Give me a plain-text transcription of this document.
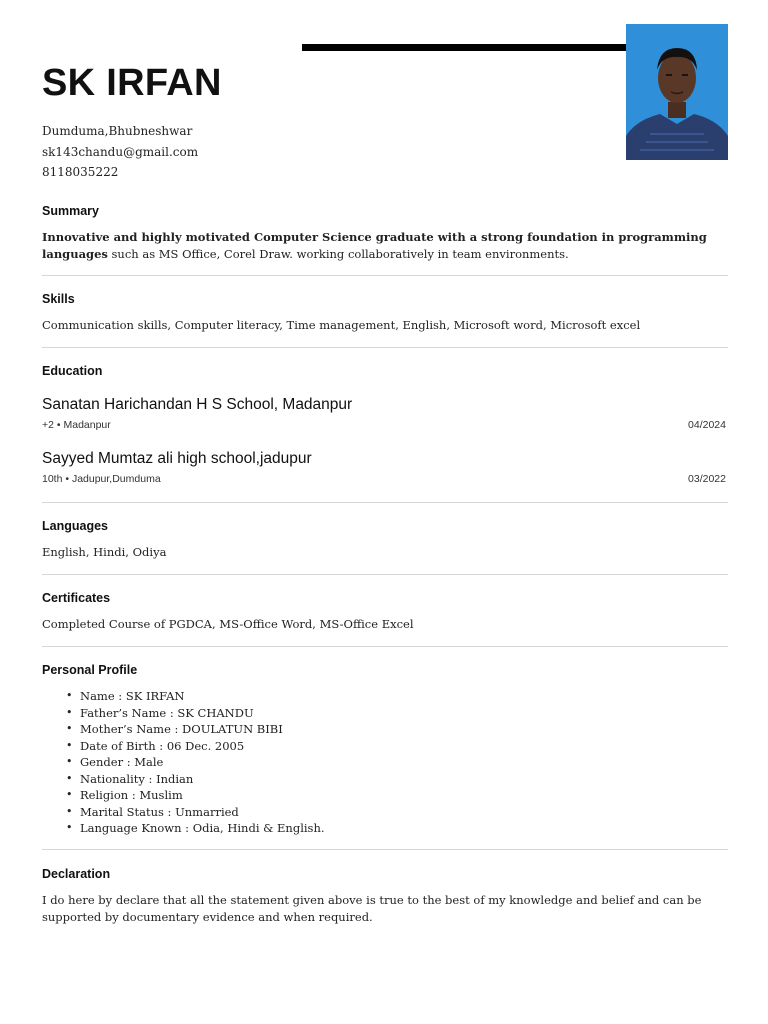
SK IRFAN
Dumduma,Bhubneshwar
sk143chandu@gmail.com
8118035222
Summary

Innovative and highly motivated Computer Science graduate with a strong foundation in programming languages such as MS Office, Corel Draw. working collaboratively in team environments.

Skills

Communication skills, Computer literacy, Time management, English, Microsoft word, Microsoft excel

Education
Sanatan Harichandan H S School, Madanpur
+2 • Madanpur	04/2024
Sayyed Mumtaz ali high school,jadupur
10th • Jadupur,Dumduma	03/2022
Languages

English, Hindi, Odiya

Certificates

Completed Course of PGDCA, MS-Office Word, MS-Office Excel

Personal Profile
• Name : SK IRFAN
• Father’s Name : SK CHANDU
• Mother’s Name : DOULATUN BIBI
• Date of Birth : 06 Dec. 2005
• Gender : Male
• Nationality : Indian
• Religion : Muslim
• Marital Status : Unmarried
• Language Known : Odia, Hindi & English.
Declaration

I do here by declare that all the statement given above is true to the best of my knowledge and belief and can be supported by documentary evidence and when required.
